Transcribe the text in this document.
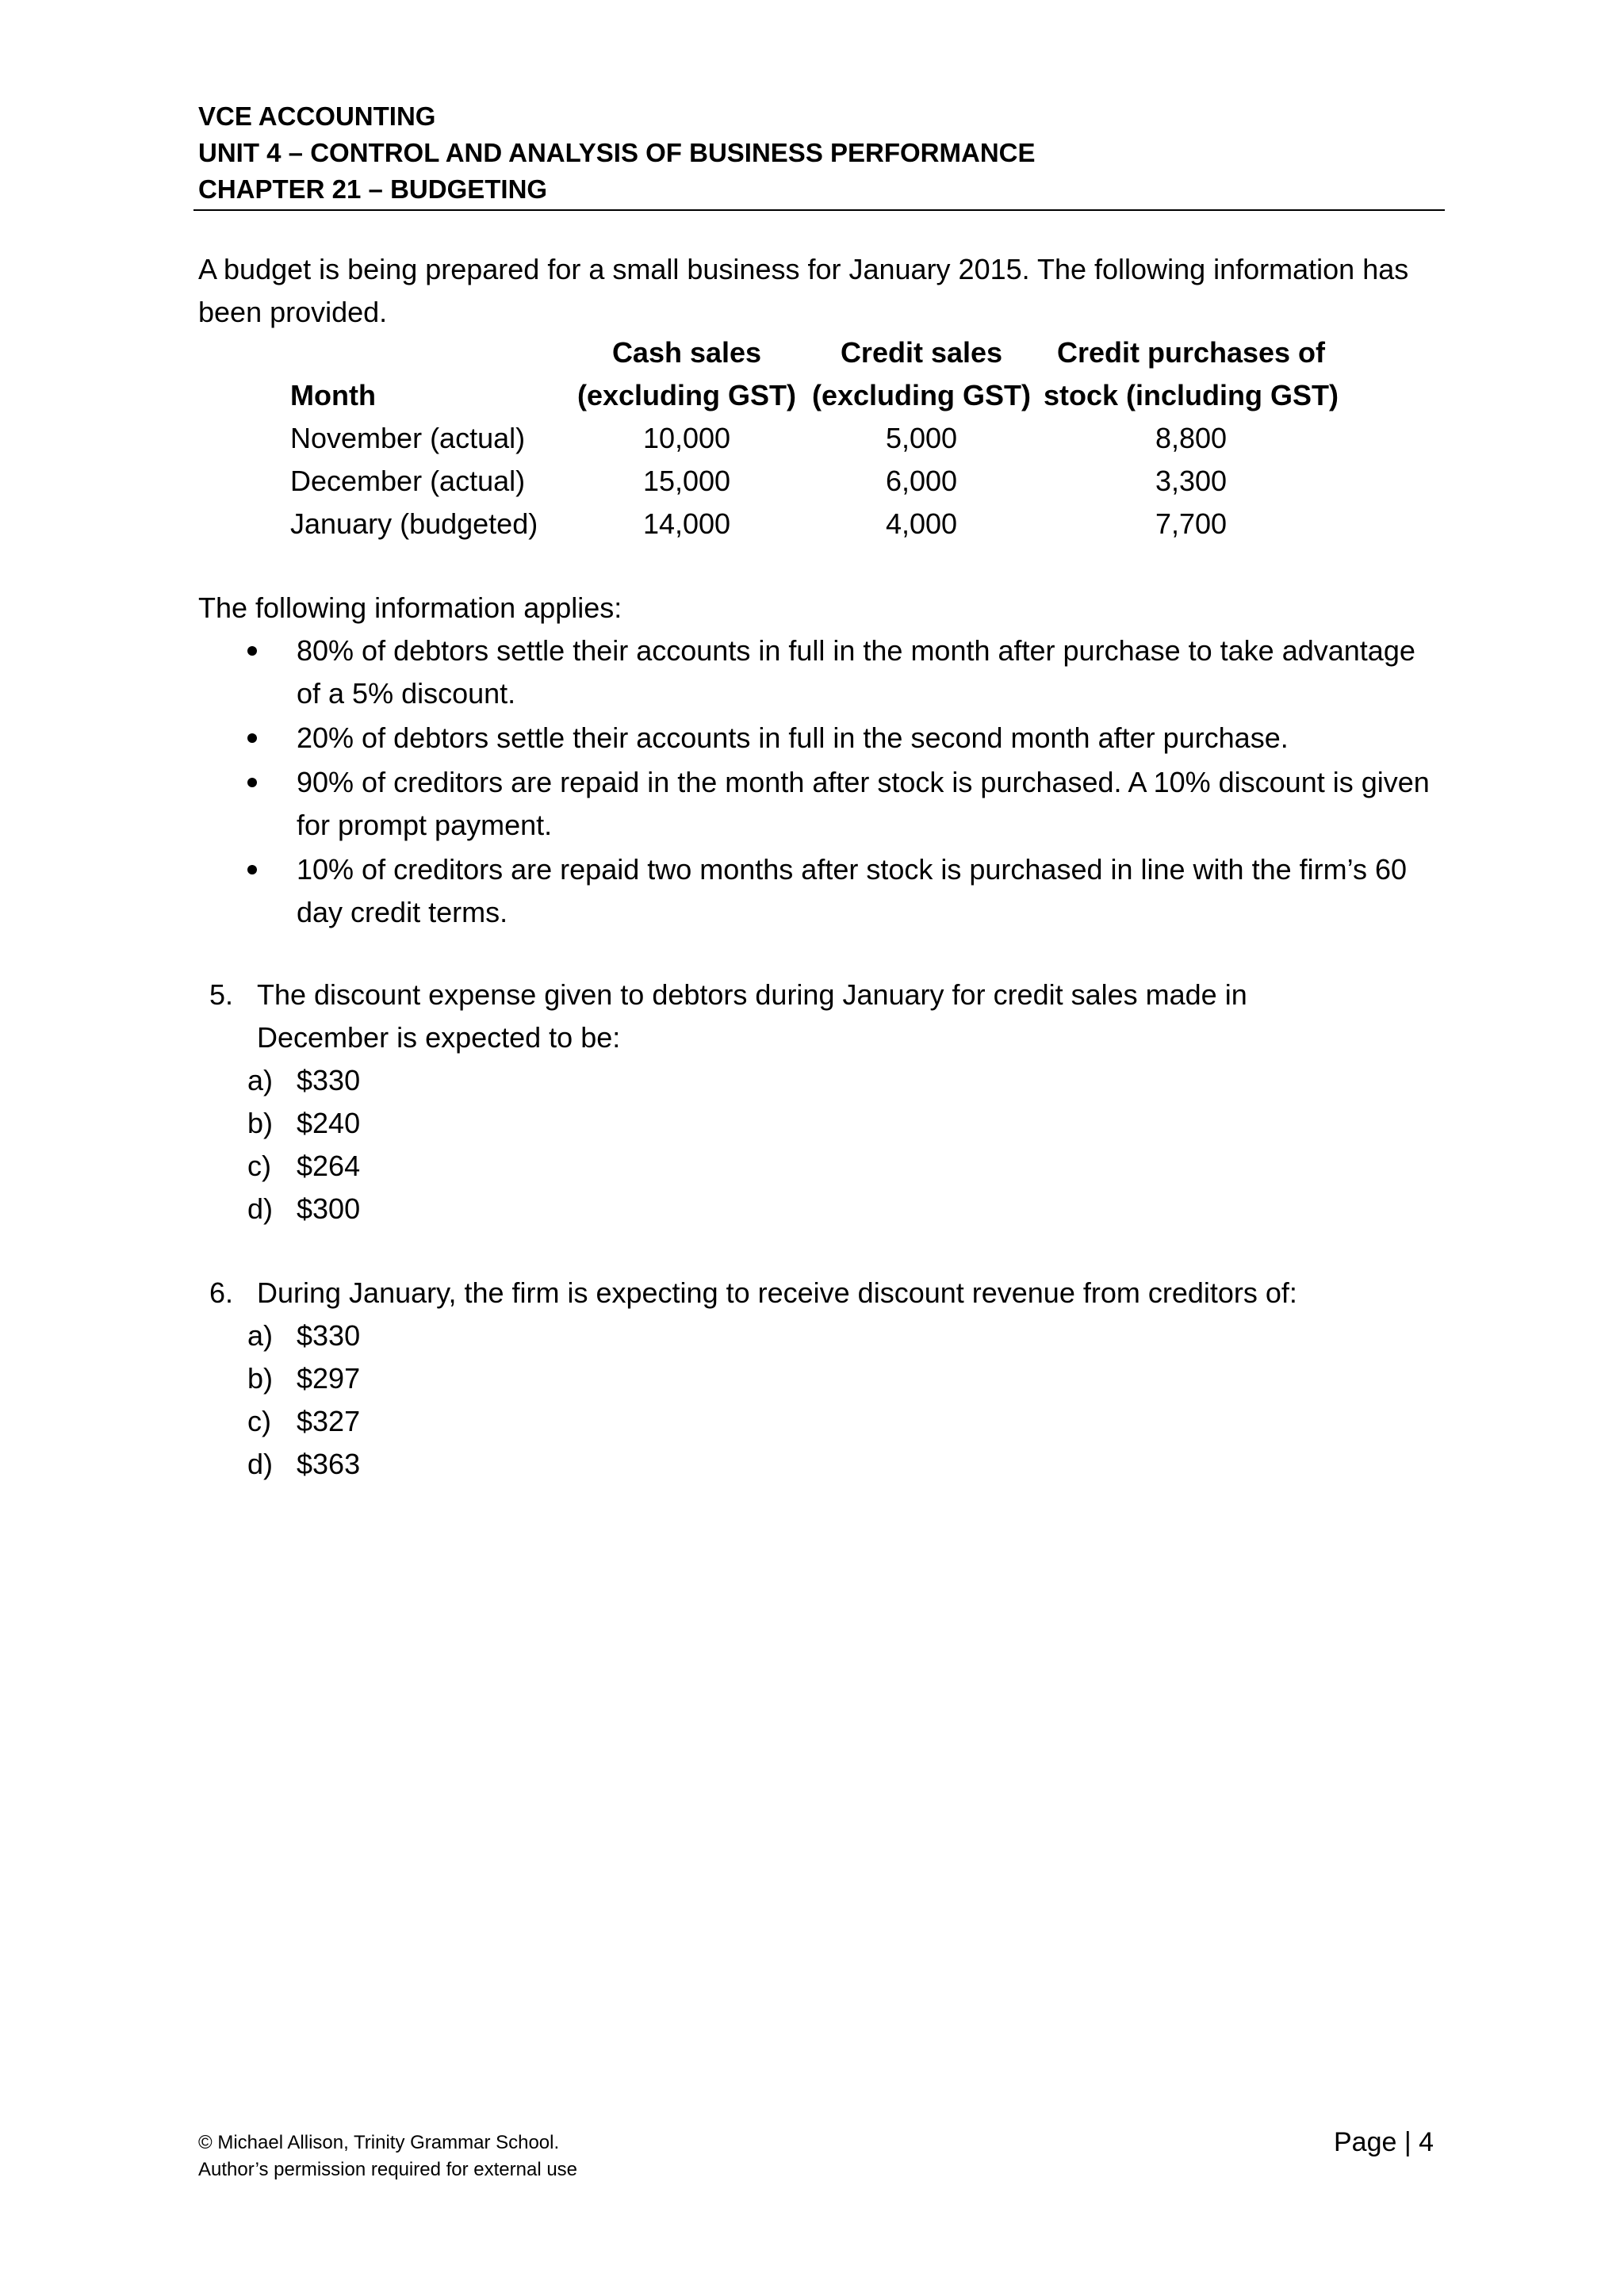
VCE ACCOUNTING
UNIT 4 – CONTROL AND ANALYSIS OF BUSINESS PERFORMANCE
CHAPTER 21 – BUDGETING
A budget is being prepared for a small business for January 2015. The following information has been provided.
	Cash sales	Credit sales	Credit purchases of
Month	(excluding GST)	(excluding GST)	stock (including GST)
November (actual)	10,000	5,000	8,800
December (actual)	15,000	6,000	3,300
January (budgeted)	14,000	4,000	7,700
The following information applies:
80% of debtors settle their accounts in full in the month after purchase to take advantage of a 5% discount.
20% of debtors settle their accounts in full in the second month after purchase.
90% of creditors are repaid in the month after stock is purchased. A 10% discount is given for prompt payment.
10% of creditors are repaid two months after stock is purchased in line with the firm’s 60 day credit terms.
5. The discount expense given to debtors during January for credit sales made in December is expected to be:
a) $330
b) $240
c) $264
d) $300
6. During January, the firm is expecting to receive discount revenue from creditors of:
a) $330
b) $297
c) $327
d) $363
© Michael Allison, Trinity Grammar School.
Author’s permission required for external use
Page | 4
